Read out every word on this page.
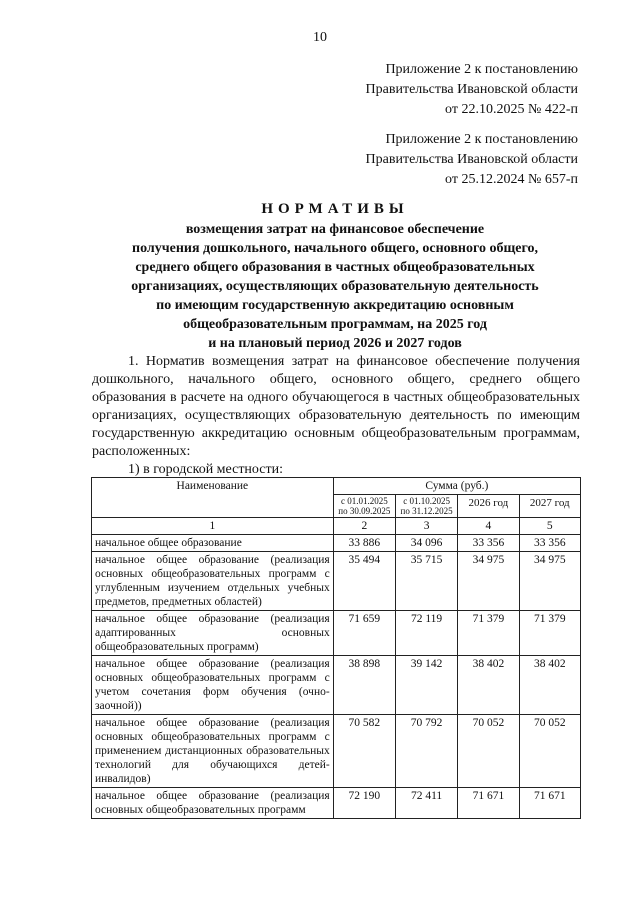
10
Приложение 2 к постановлению
Правительства Ивановской области
от 22.10.2025 № 422-п
Приложение 2 к постановлению
Правительства Ивановской области
от 25.12.2024 № 657-п
НОРМАТИВЫ
возмещения затрат на финансовое обеспечение
получения дошкольного, начального общего, основного общего,
среднего общего образования в частных общеобразовательных
организациях, осуществляющих образовательную деятельность
по имеющим государственную аккредитацию основным
общеобразовательным программам, на 2025 год
и на плановый период 2026 и 2027 годов
1. Норматив возмещения затрат на финансовое обеспечение получения дошкольного, начального общего, основного общего, среднего общего образования в расчете на одного обучающегося в частных общеобразовательных организациях, осуществляющих образовательную деятельность по имеющим государственную аккредитацию основным общеобразовательным программам, расположенных:
1) в городской местности:
Наименование	Сумма (руб.)			
	с 01.01.2025 по 30.09.2025	с 01.10.2025 по 31.12.2025	2026 год	2027 год
1	2	3	4	5
начальное общее образование	33 886	34 096	33 356	33 356
начальное общее образование (реализация основных общеобразовательных программ с углубленным изучением отдельных учебных предметов, предметных областей)	35 494	35 715	34 975	34 975
начальное общее образование (реализация адаптированных основных общеобразовательных программ)	71 659	72 119	71 379	71 379
начальное общее образование (реализация основных общеобразовательных программ с учетом сочетания форм обучения (очно-заочной))	38 898	39 142	38 402	38 402
начальное общее образование (реализация основных общеобразовательных программ с применением дистанционных образовательных технологий для обучающихся детей-инвалидов)	70 582	70 792	70 052	70 052
начальное общее образование (реализация основных общеобразовательных программ	72 190	72 411	71 671	71 671
